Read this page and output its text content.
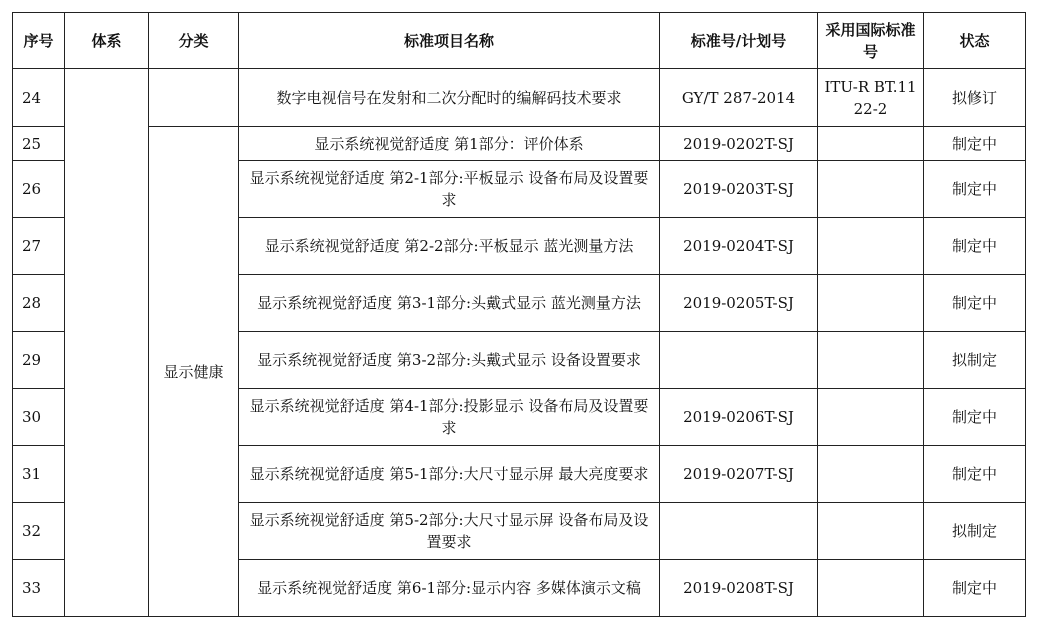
序号	体系	分类	标准项目名称	标准号/计划号	采用国际标准号	状态
24			数字电视信号在发射和二次分配时的编解码技术要求	GY/T 287-2014	ITU-R BT.1122-2	拟修订
25		显示健康	显示系统视觉舒适度 第1部分：评价体系	2019-0202T-SJ		制定中
26			显示系统视觉舒适度 第2-1部分:平板显示 设备布局及设置要求	2019-0203T-SJ		制定中
27			显示系统视觉舒适度 第2-2部分:平板显示 蓝光测量方法	2019-0204T-SJ		制定中
28			显示系统视觉舒适度 第3-1部分:头戴式显示 蓝光测量方法	2019-0205T-SJ		制定中
29			显示系统视觉舒适度 第3-2部分:头戴式显示 设备设置要求			拟制定
30			显示系统视觉舒适度 第4-1部分:投影显示 设备布局及设置要求	2019-0206T-SJ		制定中
31			显示系统视觉舒适度 第5-1部分:大尺寸显示屏 最大亮度要求	2019-0207T-SJ		制定中
32			显示系统视觉舒适度 第5-2部分:大尺寸显示屏 设备布局及设置要求			拟制定
33			显示系统视觉舒适度 第6-1部分:显示内容 多媒体演示文稿	2019-0208T-SJ		制定中
